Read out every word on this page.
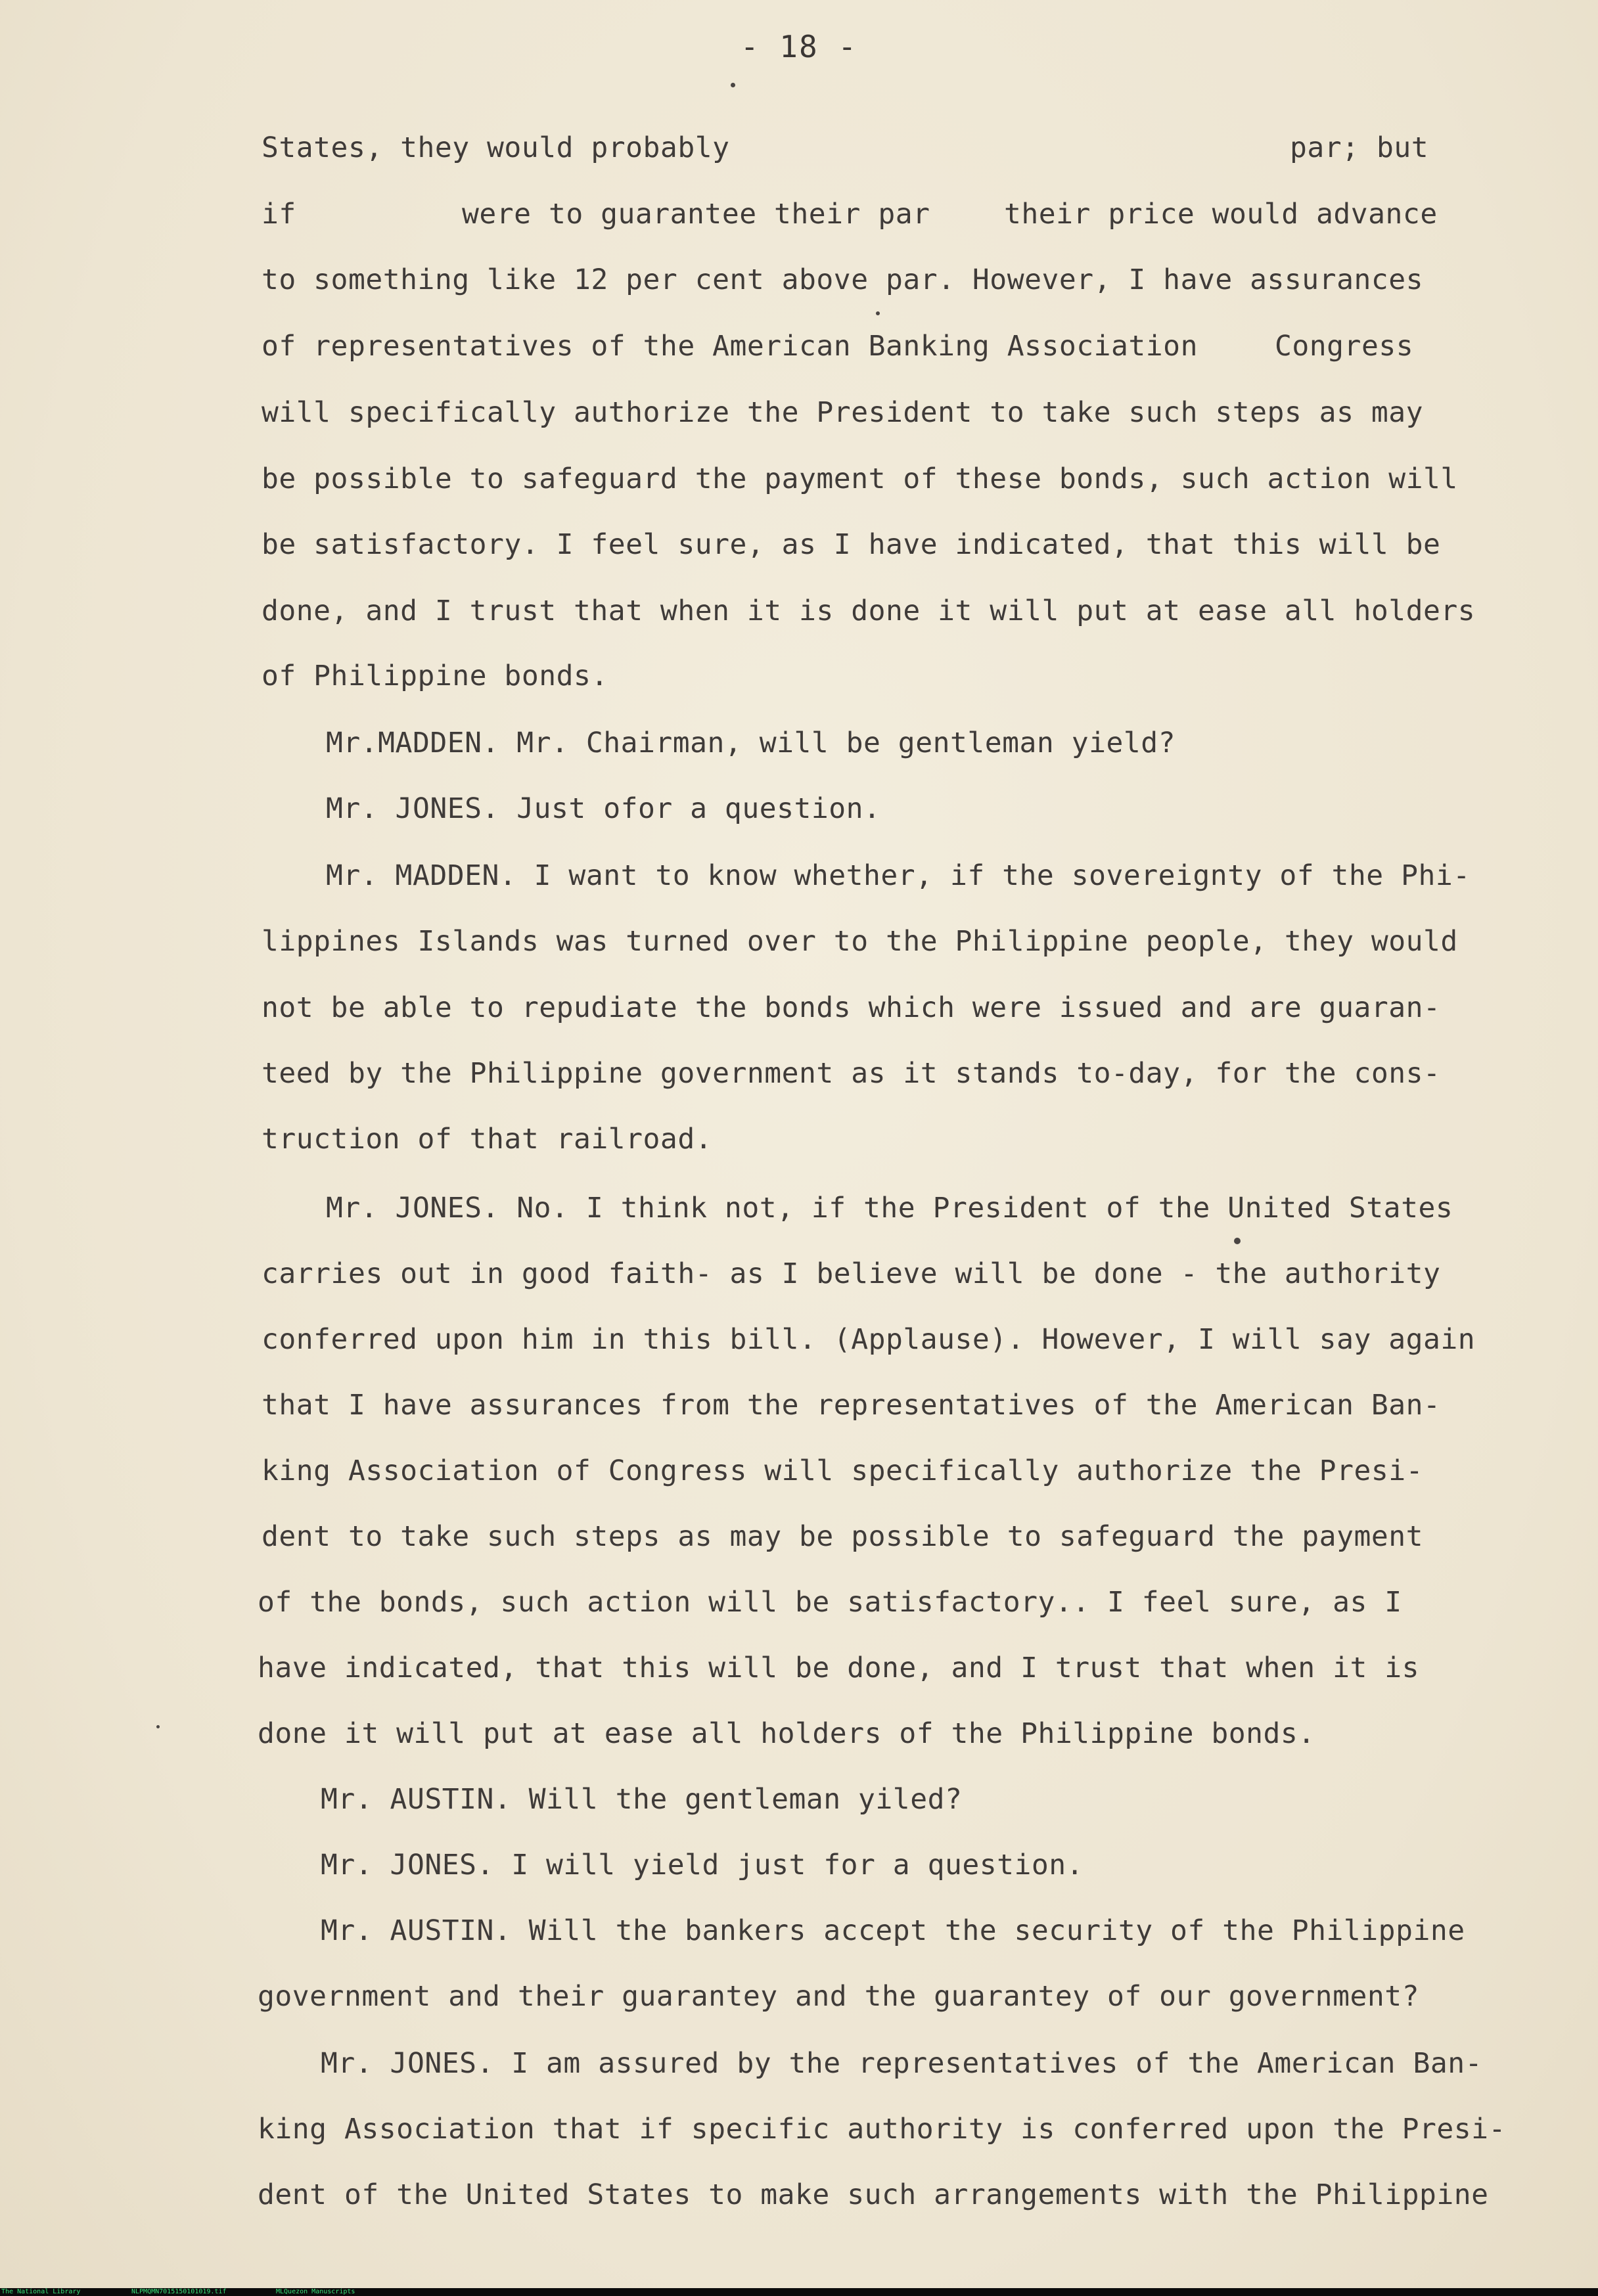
- 18 -
States, they would probably	par; but
if	were to guarantee their par	their price would advance
to something like 12 per cent above par. However, I have assurances
of representatives of the American Banking Association	Congress
will specifically authorize the President to take such steps as may
be possible to safeguard the payment of these bonds, such action will
be satisfactory. I feel sure, as I have indicated, that this will be
done, and I trust that when it is done it will put at ease all holders
of Philippine bonds.
Mr.MADDEN. Mr. Chairman, will be gentleman yield?
Mr. JONES. Just ofor a question.
Mr. MADDEN. I want to know whether, if the sovereignty of the Phi-
lippines Islands was turned over to the Philippine people, they would
not be able to repudiate the bonds which were issued and are guaran-
teed by the Philippine government as it stands to-day, for the cons-
truction of that railroad.
Mr. JONES. No. I think not, if the President of the United States
carries out in good faith- as I believe will be done - the authority
conferred upon him in this bill. (Applause). However, I will say again
that I have assurances from the representatives of the American Ban-
king Association of Congress will specifically authorize the Presi-
dent to take such steps as may be possible to safeguard the payment
of the bonds, such action will be satisfactory.. I feel sure, as I
have indicated, that this will be done, and I trust that when it is
done it will put at ease all holders of the Philippine bonds.
Mr. AUSTIN. Will the gentleman yiled?
Mr. JONES. I will yield just for a question.
Mr. AUSTIN. Will the bankers accept the security of the Philippine
government and their guarantey and the guarantey of our government?
Mr. JONES. I am assured by the representatives of the American Ban-
king Association that if specific authority is conferred upon the Presi-
dent of the United States to make such arrangements with the Philippine
The National Library	NLPMQMN7015150101019.tif	MLQuezon Manuscripts
